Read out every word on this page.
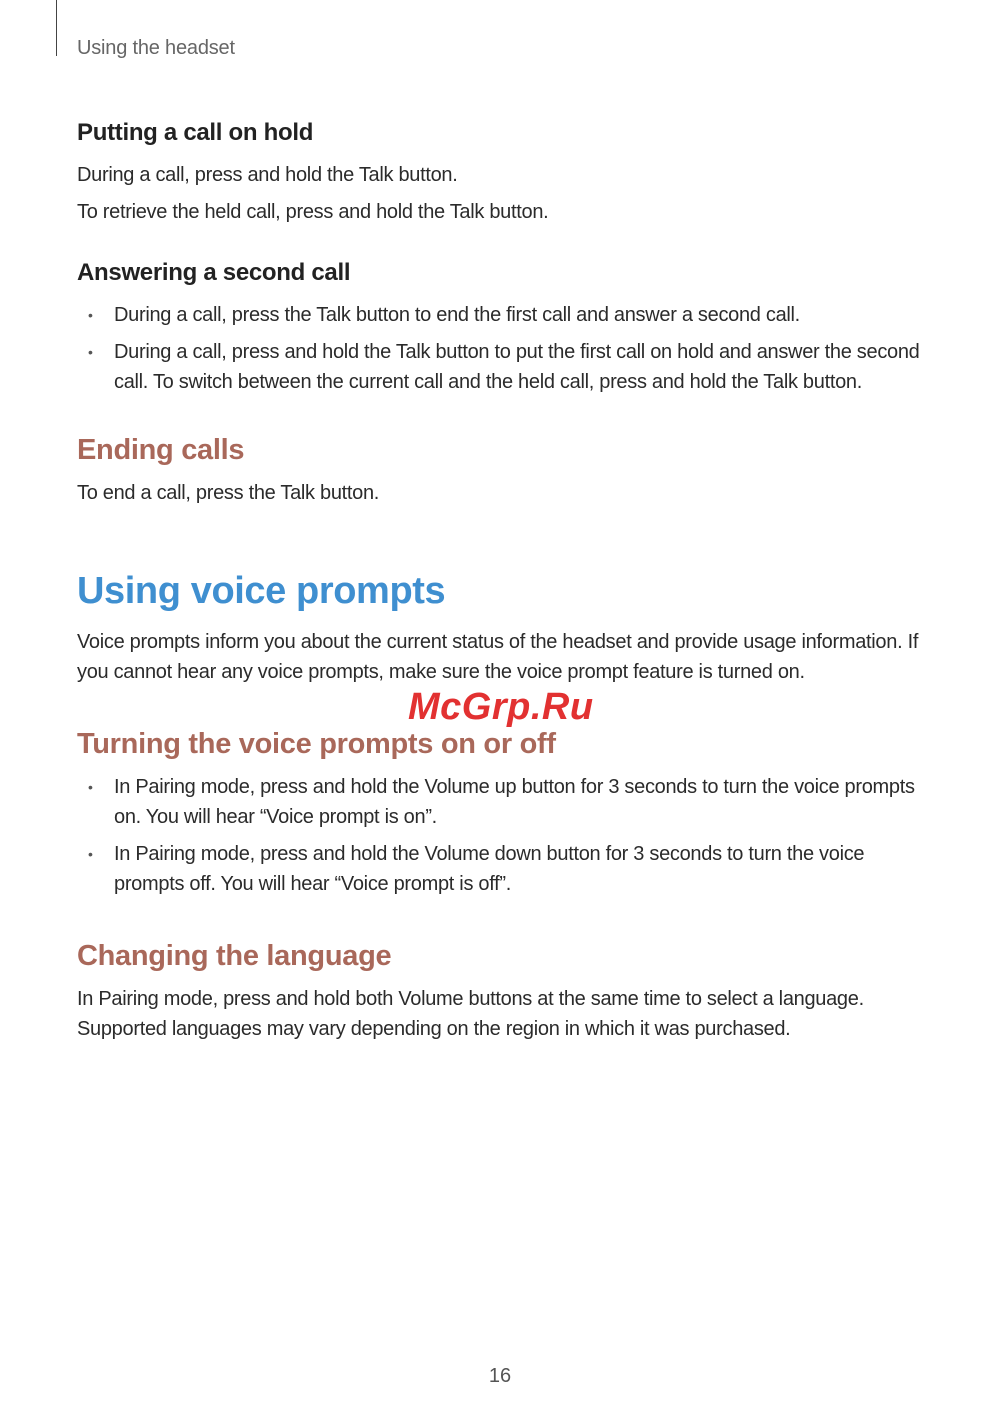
Using the headset
Putting a call on hold
During a call, press and hold the Talk button.
To retrieve the held call, press and hold the Talk button.
Answering a second call
• During a call, press the Talk button to end the first call and answer a second call.
• During a call, press and hold the Talk button to put the first call on hold and answer the second call. To switch between the current call and the held call, press and hold the Talk button.
Ending calls
To end a call, press the Talk button.
Using voice prompts
Voice prompts inform you about the current status of the headset and provide usage information. If you cannot hear any voice prompts, make sure the voice prompt feature is turned on.
Turning the voice prompts on or off
• In Pairing mode, press and hold the Volume up button for 3 seconds to turn the voice prompts on. You will hear “Voice prompt is on”.
• In Pairing mode, press and hold the Volume down button for 3 seconds to turn the voice prompts off. You will hear “Voice prompt is off”.
Changing the language
In Pairing mode, press and hold both Volume buttons at the same time to select a language. Supported languages may vary depending on the region in which it was purchased.
McGrp.Ru
16
